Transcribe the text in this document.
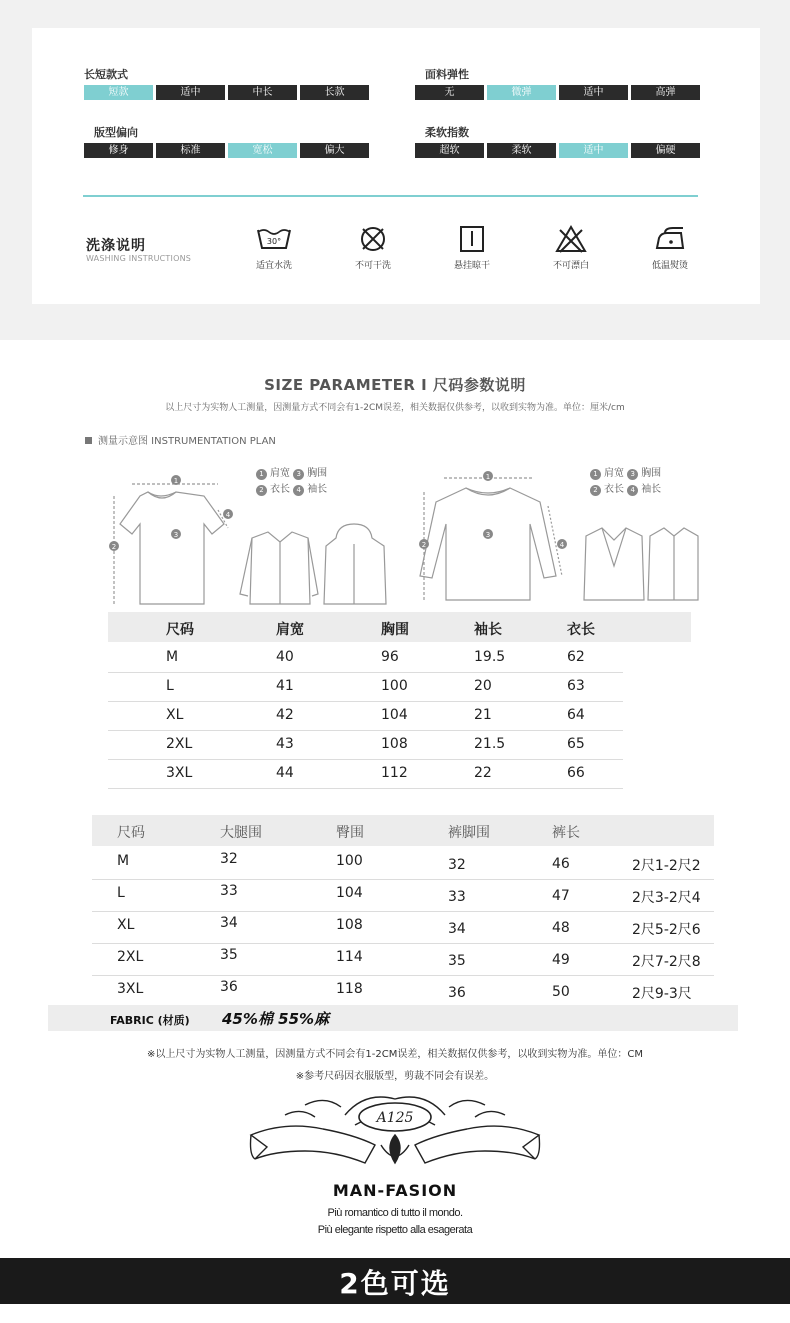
长短款式
短款	适中	中长	长款
面料弹性
无	微弹	适中	高弹
版型偏向
修身	标准	宽松	偏大
柔软指数
超软	柔软	适中	偏硬
洗涤说明
WASHING INSTRUCTIONS
30°
适宜水洗	不可干洗	悬挂晾干	不可漂白	低温熨烫
SIZE PARAMETER I 尺码参数说明
以上尺寸为实物人工测量，因测量方式不同会有1-2CM误差，相关数据仅供参考，以收到实物为准。单位：厘米/cm
测量示意图 INSTRUMENTATION PLAN
1
2
3
4
1 肩宽 3 胸围
2 衣长 4 袖长
1
2
3
4
1 肩宽 3 胸围
2 衣长 4 袖长
尺码	肩宽	胸围	袖长	衣长
M	40	96	19.5	62
L	41	100	20	63
XL	42	104	21	64
2XL	43	108	21.5	65
3XL	44	112	22	66
尺码	大腿围	臀围	裤脚围	裤长
M	32	100	32	46	2尺1-2尺2
L	33	104	33	47	2尺3-2尺4
XL	34	108	34	48	2尺5-2尺6
2XL	35	114	35	49	2尺7-2尺8
3XL	36	118	36	50	2尺9-3尺
FABRIC (材质) 45%棉 55%麻
※以上尺寸为实物人工测量，因测量方式不同会有1-2CM误差，相关数据仅供参考，以收到实物为准。单位：CM
※参考尺码因衣服版型，剪裁不同会有误差。
A125
MAN-FASION
Più romantico di tutto il mondo.
Più elegante rispetto alla esagerata
2色可选
